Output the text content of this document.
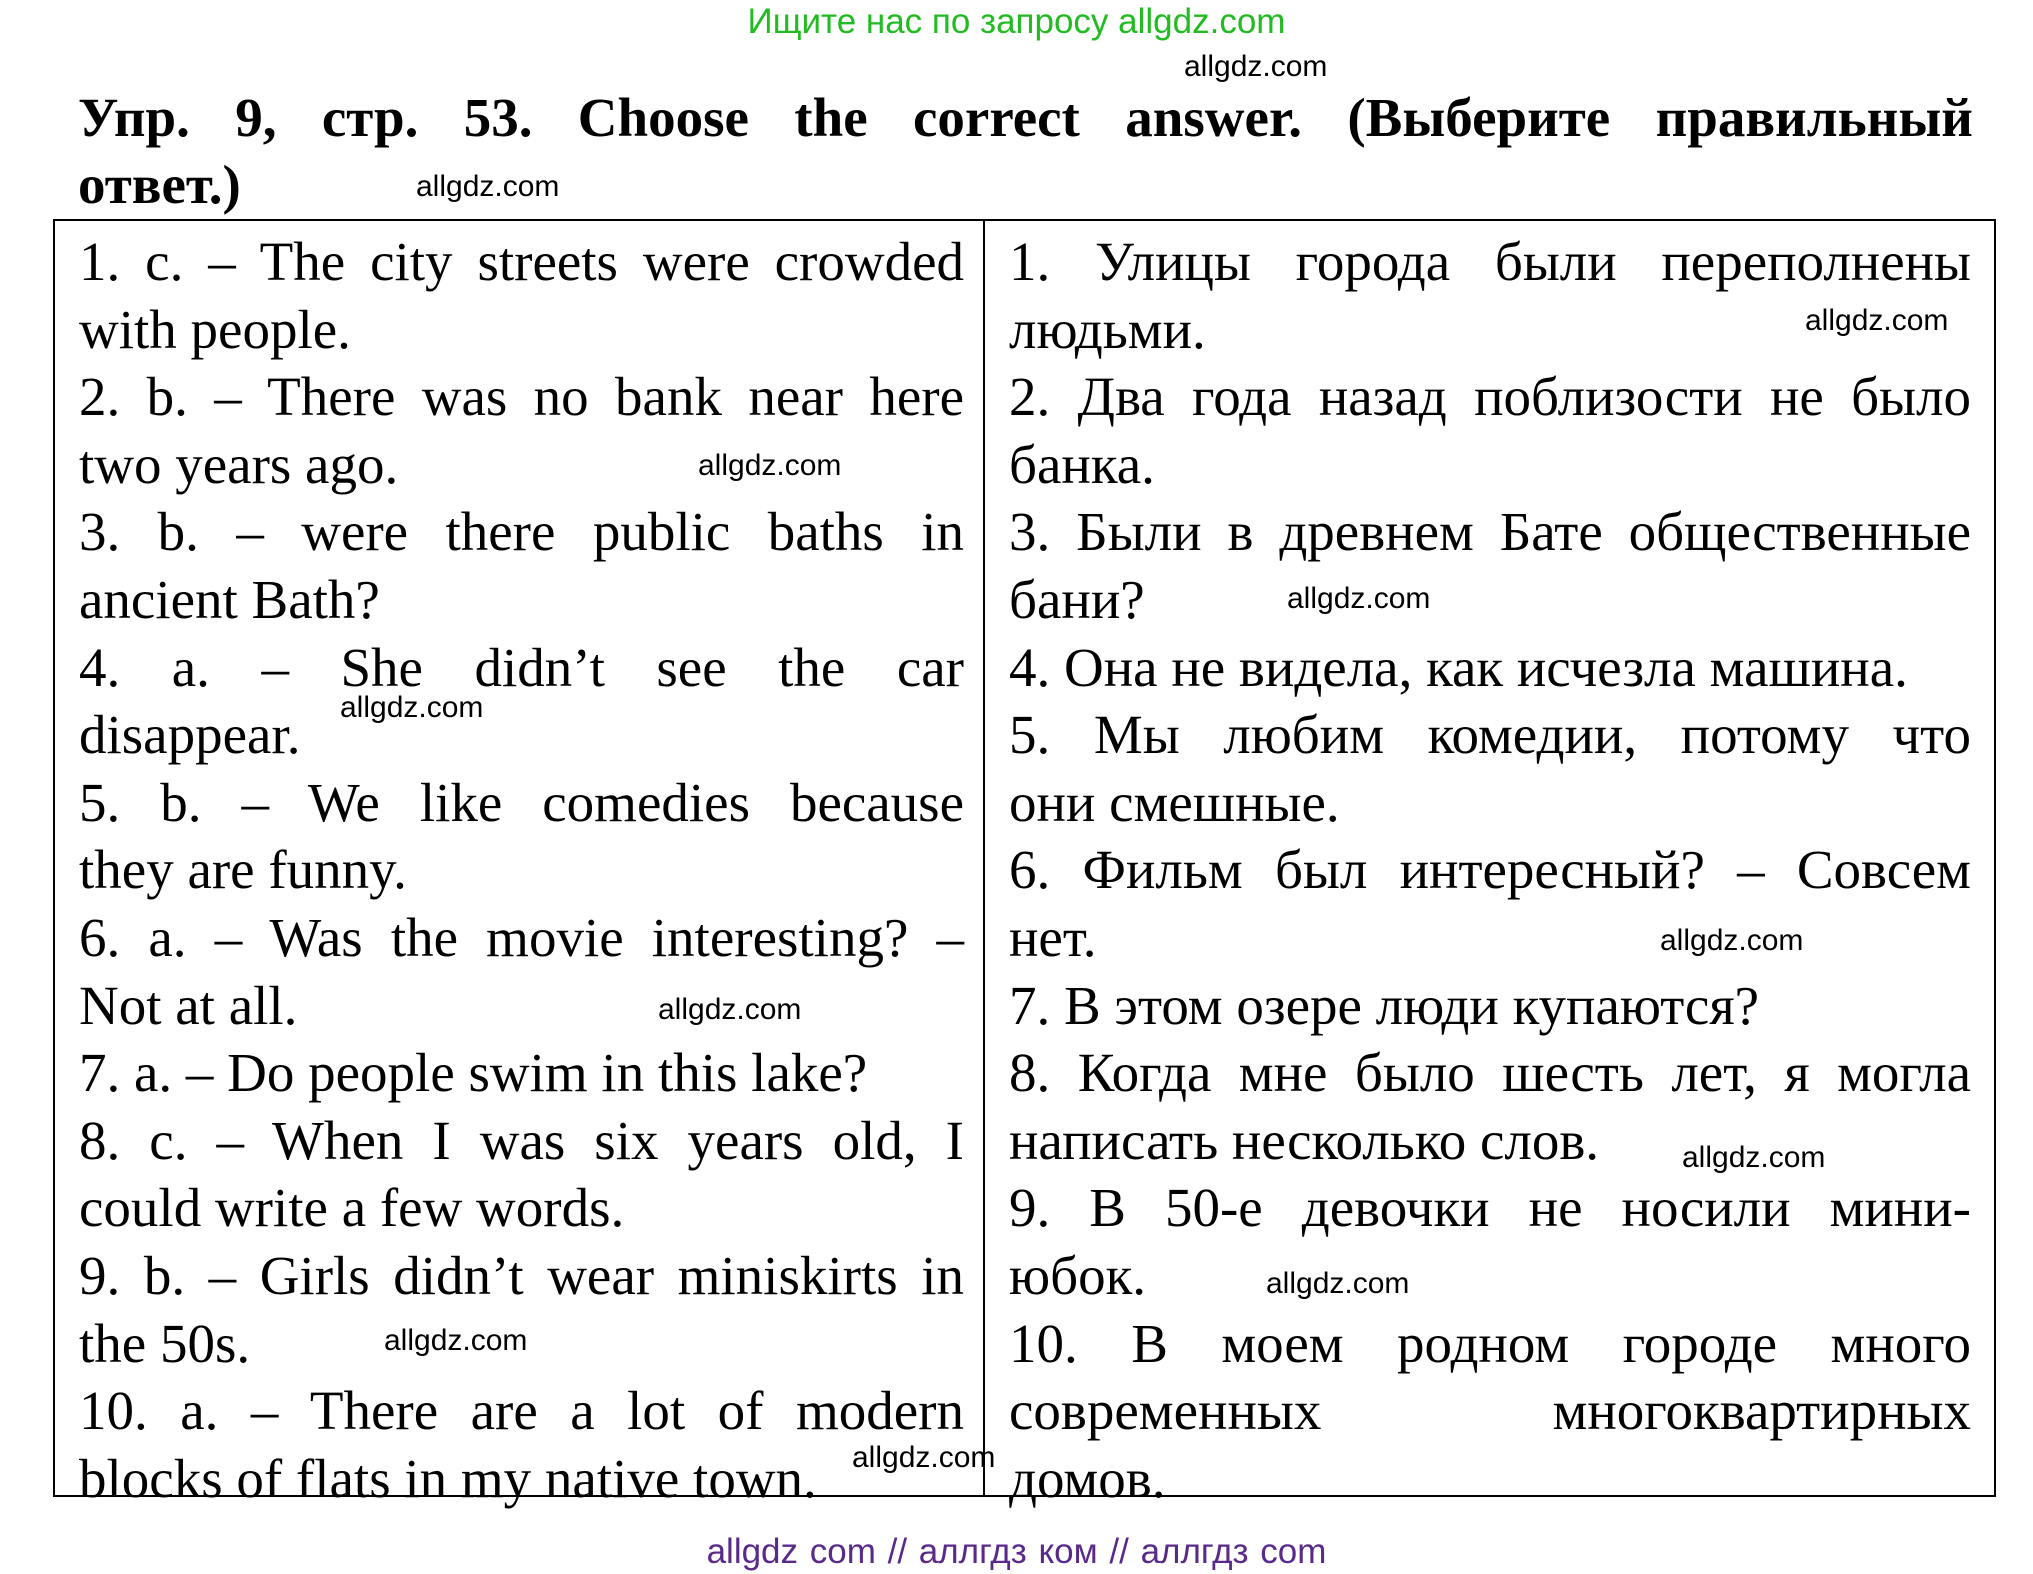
Ищите нас по запросу allgdz.com
Упр. 9, стр. 53. Choose the correct answer. (Выберите правильный
ответ.)
1. c. – The city streets were crowded
with people.
2. b. – There was no bank near here
two years ago.
3. b. – were there public baths in
ancient Bath?
4. a. – She didn’t see the car
disappear.
5. b. – We like comedies because
they are funny.
6. a. – Was the movie interesting? –
Not at all.
7. a. – Do people swim in this lake?
8. c. – When I was six years old, I
could write a few words.
9. b. – Girls didn’t wear miniskirts in
the 50s.
10. a. – There are a lot of modern
blocks of flats in my native town.
1. Улицы города были переполнены
людьми.
2. Два года назад поблизости не было
банка.
3. Были в древнем Бате общественные
бани?
4. Она не видела, как исчезла машина.
5. Мы любим комедии, потому что
они смешные.
6. Фильм был интересный? – Совсем
нет.
7. В этом озере люди купаются?
8. Когда мне было шесть лет, я могла
написать несколько слов.
9. В 50-е девочки не носили мини-
юбок.
10. В моем родном городе много
современных многоквартирных
домов.
allgdz.com
allgdz.com
allgdz.com
allgdz.com
allgdz.com
allgdz.com
allgdz.com
allgdz.com
allgdz.com
allgdz.com
allgdz.com
allgdz.com
allgdz com // аллгдз ком // аллгдз com
